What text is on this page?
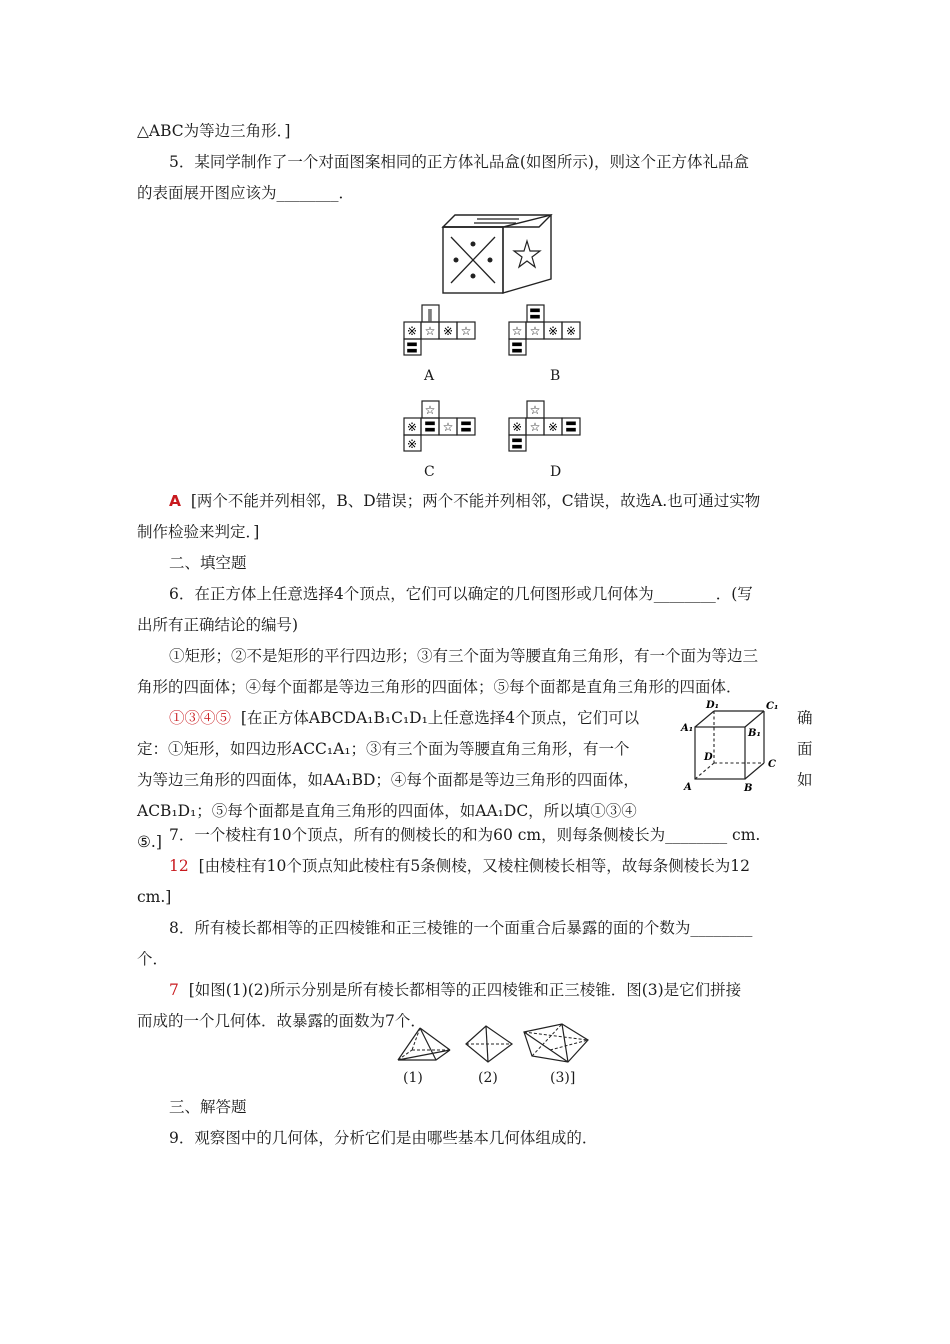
△ABC为等边三角形．]
5．某同学制作了一个对面图案相同的正方体礼品盒(如图所示)，则这个正方体礼品盒
的表面展开图应该为________．
‖
※ ☆ ※ ☆
〓
A
〓
☆ ☆ ※ ※
〓
B
☆
※ 〓 ☆ 〓
※
C
☆
※ ☆ ※ 〓
〓
D
A [两个不能并列相邻，B、D错误；两个不能并列相邻，C错误，故选A.也可通过实物
制作检验来判定．]
二、填空题
6．在正方体上任意选择4个顶点，它们可以确定的几何图形或几何体为________．(写
出所有正确结论的编号)
①矩形；②不是矩形的平行四边形；③有三个面为等腰直角三角形，有一个面为等边三
角形的四面体；④每个面都是等边三角形的四面体；⑤每个面都是直角三角形的四面体．
①③④⑤ [在正方体ABCDA₁B₁C₁D₁上任意选择4个顶点，它们可以
定：①矩形，如四边形ACC₁A₁；③有三个面为等腰直角三角形，有一个
为等边三角形的四面体，如AA₁BD；④每个面都是等边三角形的四面体，
ACB₁D₁；⑤每个面都是直角三角形的四面体，如AA₁DC，所以填①③④
⑤.]
确
面
如
D₁	C₁
A₁	B₁
D
C
A	B
7．一个棱柱有10个顶点，所有的侧棱长的和为60 cm，则每条侧棱长为________ cm.
12 [由棱柱有10个顶点知此棱柱有5条侧棱，又棱柱侧棱长相等，故每条侧棱长为12
cm.]
8．所有棱长都相等的正四棱锥和正三棱锥的一个面重合后暴露的面的个数为________
个．
7 [如图(1)(2)所示分别是所有棱长都相等的正四棱锥和正三棱锥．图(3)是它们拼接
而成的一个几何体．故暴露的面数为7个．
(1)	(2)	(3)]
三、解答题
9．观察图中的几何体，分析它们是由哪些基本几何体组成的．
